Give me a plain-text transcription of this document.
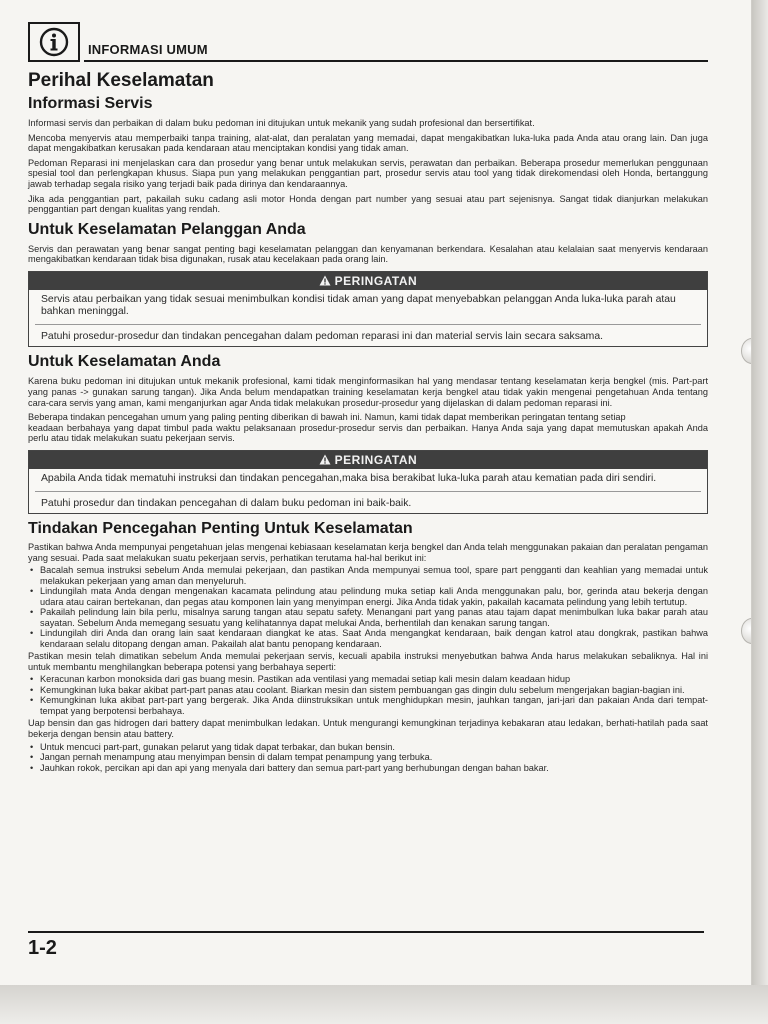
INFORMASI UMUM
Perihal Keselamatan
Informasi Servis

Informasi servis dan perbaikan di dalam buku pedoman ini ditujukan untuk mekanik yang sudah profesional dan bersertifikat.

Mencoba menyervis atau memperbaiki tanpa training, alat-alat, dan peralatan yang memadai, dapat mengakibatkan luka-luka pada Anda atau orang lain. Dan juga dapat mengakibatkan kerusakan pada kendaraan atau menciptakan kondisi yang tidak aman.

Pedoman Reparasi ini menjelaskan cara dan prosedur yang benar untuk melakukan servis, perawatan dan perbaikan. Beberapa prosedur memerlukan penggunaan spesial tool dan perlengkapan khusus. Siapa pun yang melakukan penggantian part, prosedur servis atau tool yang tidak direkomendasi oleh Honda, bertanggung jawab terhadap segala risiko yang terjadi baik pada dirinya dan kendaraannya.

Jika ada penggantian part, pakailah suku cadang asli motor Honda dengan part number yang sesuai atau part sejenisnya. Sangat tidak dianjurkan melakukan penggantian part dengan kualitas yang rendah.

Untuk Keselamatan Pelanggan Anda

Servis dan perawatan yang benar sangat penting bagi keselamatan pelanggan dan kenyamanan berkendara. Kesalahan atau kelalaian saat menyervis kendaraan mengakibatkan kendaraan tidak bisa digunakan, rusak atau kecelakaan pada orang lain.

PERINGATAN
Servis atau perbaikan yang tidak sesuai menimbulkan kondisi tidak aman yang dapat menyebabkan pelanggan Anda luka-luka parah atau bahkan meninggal.
Patuhi prosedur-prosedur dan tindakan pencegahan dalam pedoman reparasi ini dan material servis lain secara saksama.
Untuk Keselamatan Anda

Karena buku pedoman ini ditujukan untuk mekanik profesional, kami tidak menginformasikan hal yang mendasar tentang keselamatan kerja bengkel (mis. Part-part yang panas -> gunakan sarung tangan). Jika Anda belum mendapatkan training keselamatan kerja bengkel atau tidak yakin mengenai pengetahuan Anda tentang cara-cara servis yang aman, kami menganjurkan agar Anda tidak melakukan prosedur-prosedur yang dijelaskan di dalam pedoman reparasi ini.

Beberapa tindakan pencegahan umum yang paling penting diberikan di bawah ini. Namun, kami tidak dapat memberikan peringatan tentang setiap

keadaan berbahaya yang dapat timbul pada waktu pelaksanaan prosedur-prosedur servis dan perbaikan. Hanya Anda saja yang dapat memutuskan apakah Anda perlu atau tidak melakukan suatu pekerjaan servis.

PERINGATAN
Apabila Anda tidak mematuhi instruksi dan tindakan pencegahan,maka bisa berakibat luka-luka parah atau kematian pada diri sendiri.
Patuhi prosedur dan tindakan pencegahan di dalam buku pedoman ini baik-baik.
Tindakan Pencegahan Penting Untuk Keselamatan

Pastikan bahwa Anda mempunyai pengetahuan jelas mengenai kebiasaan keselamatan kerja bengkel dan Anda telah menggunakan pakaian dan peralatan pengaman yang sesuai. Pada saat melakukan suatu pekerjaan servis, perhatikan terutama hal-hal berikut ini:

• Bacalah semua instruksi sebelum Anda memulai pekerjaan, dan pastikan Anda mempunyai semua tool, spare part pengganti dan keahlian yang memadai untuk melakukan pekerjaan yang aman dan menyeluruh.
• Lindungilah mata Anda dengan mengenakan kacamata pelindung atau pelindung muka setiap kali Anda menggunakan palu, bor, gerinda atau bekerja dengan udara atau cairan bertekanan, dan pegas atau komponen lain yang menyimpan energi. Jika Anda tidak yakin, pakailah kacamata pelindung yang lebih tertutup.
• Pakailah pelindung lain bila perlu, misalnya sarung tangan atau sepatu safety. Menangani part yang panas atau tajam dapat menimbulkan luka bakar parah atau sayatan. Sebelum Anda memegang sesuatu yang kelihatannya dapat melukai Anda, berhentilah dan kenakan sarung tangan.
• Lindungilah diri Anda dan orang lain saat kendaraan diangkat ke atas. Saat Anda mengangkat kendaraan, baik dengan katrol atau dongkrak, pastikan bahwa kendaraan selalu ditopang dengan aman. Pakailah alat bantu penopang kendaraan.

Pastikan mesin telah dimatikan sebelum Anda memulai pekerjaan servis, kecuali apabila instruksi menyebutkan bahwa Anda harus melakukan sebaliknya. Hal ini untuk membantu menghilangkan beberapa potensi yang berbahaya seperti:

• Keracunan karbon monoksida dari gas buang mesin. Pastikan ada ventilasi yang memadai setiap kali mesin dalam keadaan hidup
• Kemungkinan luka bakar akibat part-part panas atau coolant. Biarkan mesin dan sistem pembuangan gas dingin dulu sebelum mengerjakan bagian-bagian ini.
• Kemungkinan luka akibat part-part yang bergerak. Jika Anda diinstruksikan untuk menghidupkan mesin, jauhkan tangan, jari-jari dan pakaian Anda dari tempat-tempat yang berpotensi berbahaya.

Uap bensin dan gas hidrogen dari battery dapat menimbulkan ledakan. Untuk mengurangi kemungkinan terjadinya kebakaran atau ledakan, berhati-hatilah pada saat bekerja dengan bensin atau battery.

• Untuk mencuci part-part, gunakan pelarut yang tidak dapat terbakar, dan bukan bensin.
• Jangan pernah menampung atau menyimpan bensin di dalam tempat penampung yang terbuka.
• Jauhkan rokok, percikan api dan api yang menyala dari battery dan semua part-part yang berhubungan dengan bahan bakar.
1-2
